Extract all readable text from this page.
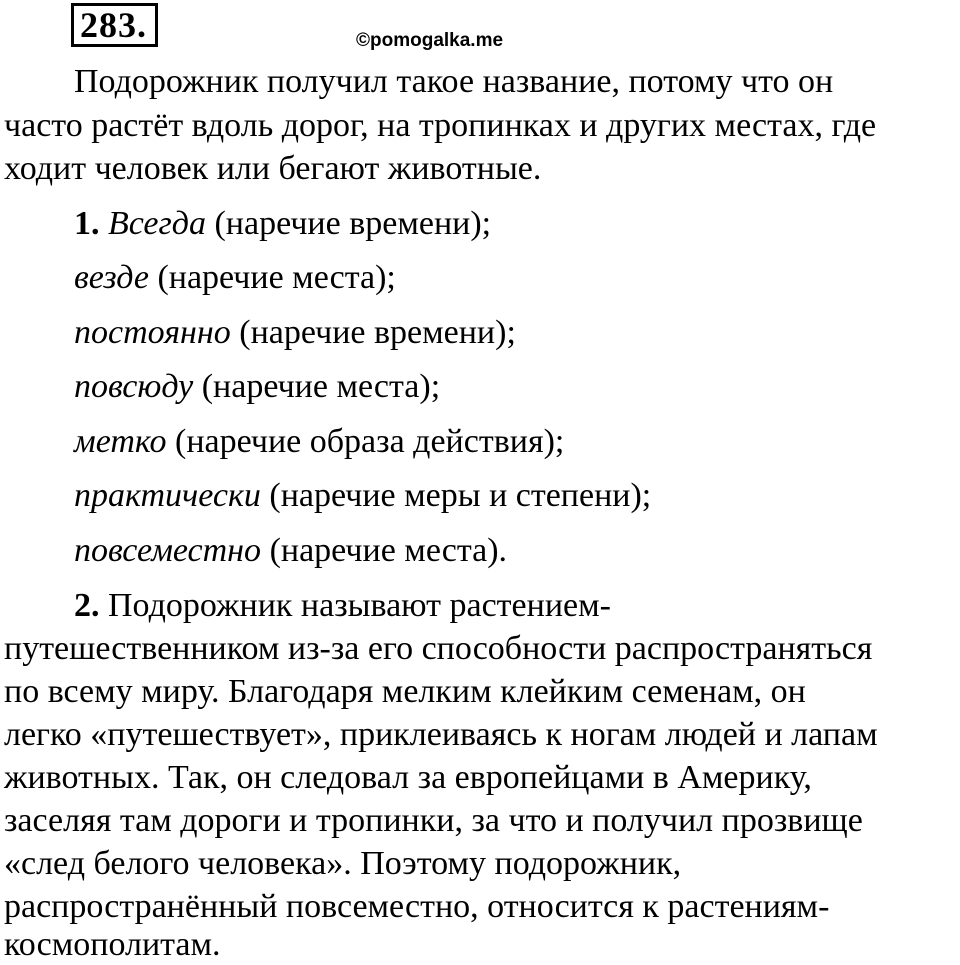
283.	©pomogalka.me
Подорожник получил такое название, потому что он
часто растёт вдоль дорог, на тропинках и других местах, где
ходит человек или бегают животные.
1. Всегда (наречие времени);
везде (наречие места);
постоянно (наречие времени);
повсюду (наречие места);
метко (наречие образа действия);
практически (наречие меры и степени);
повсеместно (наречие места).
2. Подорожник называют растением-
путешественником из-за его способности распространяться
по всему миру. Благодаря мелким клейким семенам, он
легко «путешествует», приклеиваясь к ногам людей и лапам
животных. Так, он следовал за европейцами в Америку,
заселяя там дороги и тропинки, за что и получил прозвище
«след белого человека». Поэтому подорожник,
распространённый повсеместно, относится к растениям-
космополитам.
